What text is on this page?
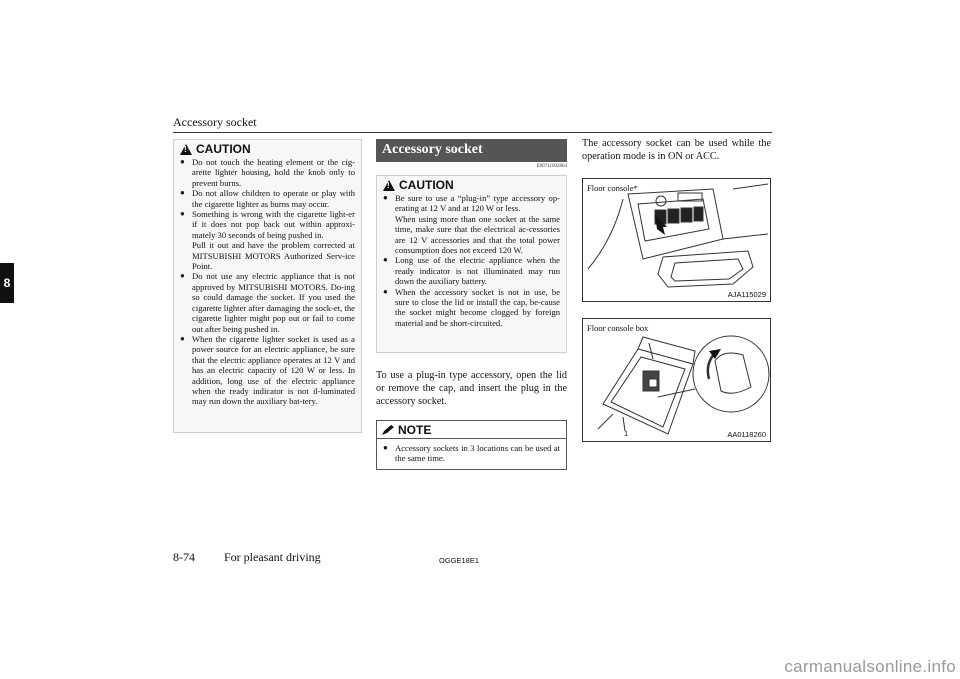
Accessory socket
8
!
CAUTION
● Do not touch the heating element or the cig-arette lighter housing, hold the knob only to prevent burns.
● Do not allow children to operate or play with the cigarette lighter as burns may occur.
● Something is wrong with the cigarette light-er if it does not pop back out within approxi-mately 30 seconds of being pushed in.
Pull it out and have the problem corrected at MITSUBISHI MOTORS Authorized Serv-ice Point.
● Do not use any electric appliance that is not approved by MITSUBISHI MOTORS. Do-ing so could damage the socket. If you used the cigarette lighter after damaging the sock-et, the cigarette lighter might pop out or fail to come out after being pushed in.
● When the cigarette lighter socket is used as a power source for an electric appliance, be sure that the electric appliance operates at 12 V and has an electric capacity of 120 W or less. In addition, long use of the electric appliance when the ready indicator is not il-luminated may run down the auxiliary bat-tery.
Accessory socket
E00711602864
!
CAUTION
● Be sure to use a “plug-in” type accessory op-erating at 12 V and at 120 W or less.
When using more than one socket at the same time, make sure that the electrical ac-cessories are 12 V accessories and that the total power consumption does not exceed 120 W.
● Long use of the electric appliance when the ready indicator is not illuminated may run down the auxiliary battery.
● When the accessory socket is not in use, be sure to close the lid or install the cap, be-cause the socket might become clogged by foreign material and be short-circuited.
To use a plug-in type accessory, open the lid or remove the cap, and insert the plug in the accessory socket.
NOTE
● Accessory sockets in 3 locations can be used at the same time.
The accessory socket can be used while the operation mode is in ON or ACC.
Floor console*
AJA115029
Floor console box
1	AA0118260
8-74 For pleasant driving	OGGE18E1
carmanualsonline.info
